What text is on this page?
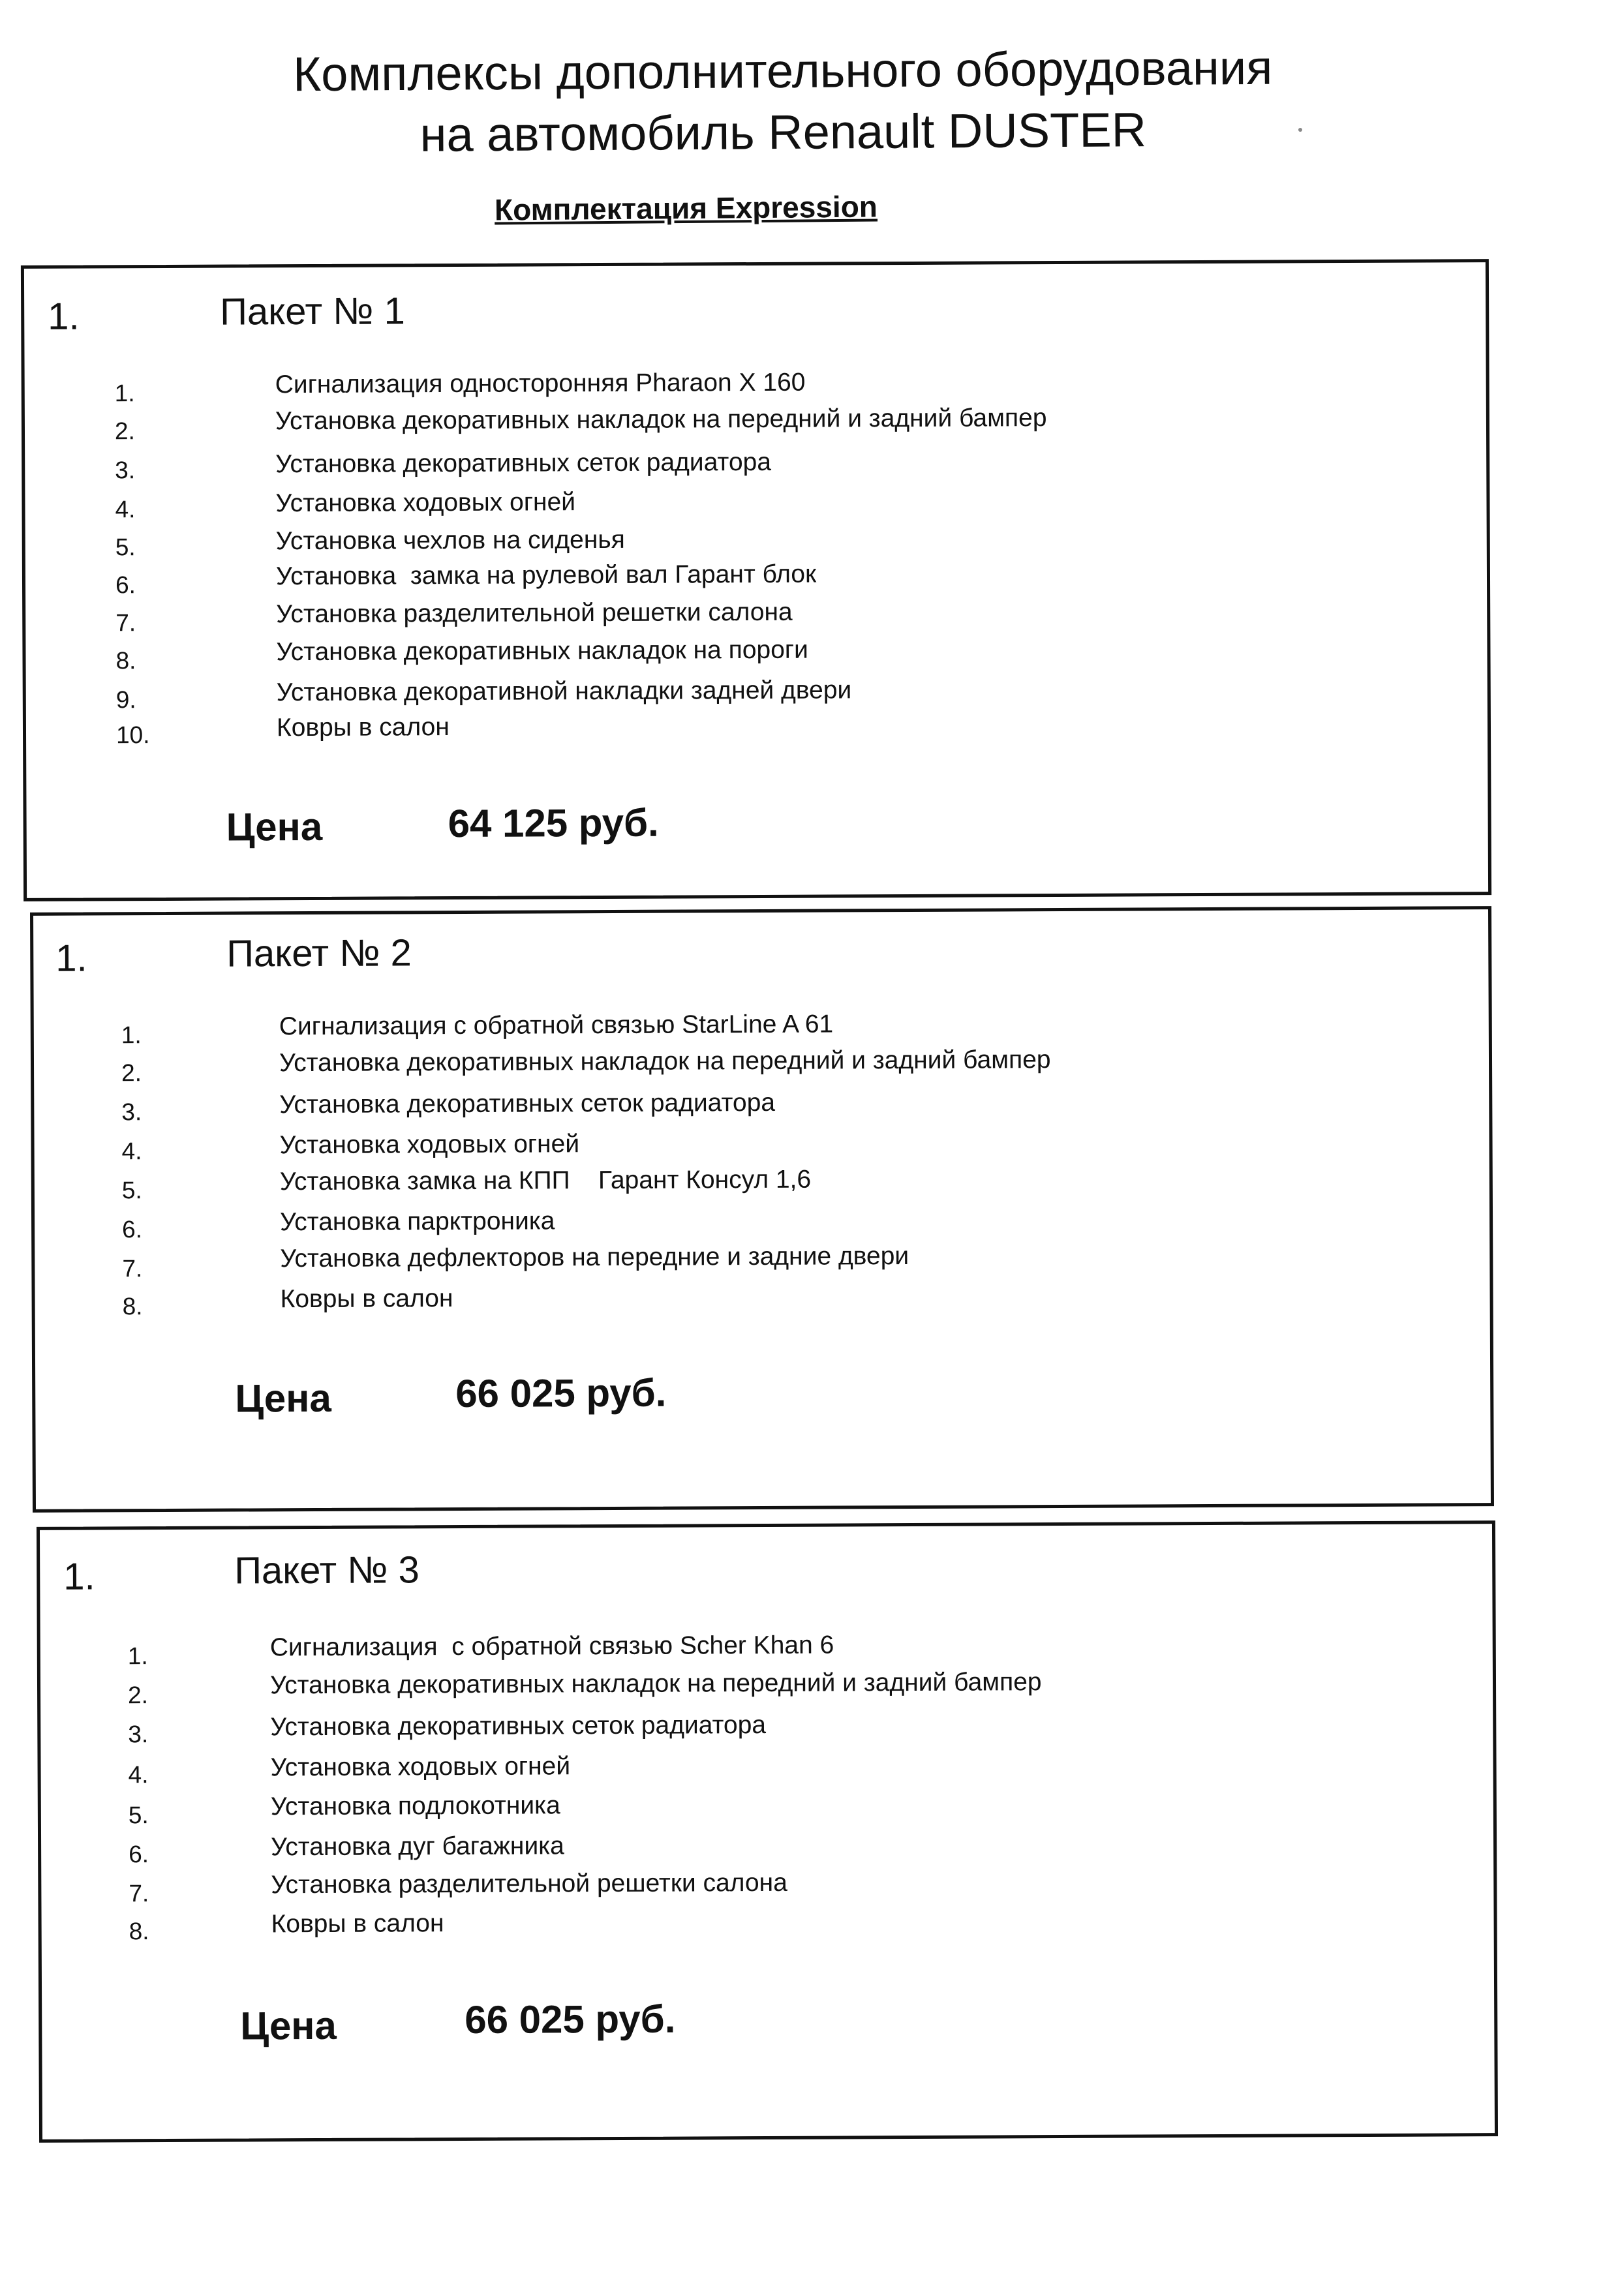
Комплексы дополнительного оборудования
на автомобиль Renault DUSTER
Комплектация Expression
1.	Пакет № 1
1.	Сигнализация односторонняя Pharaon X 160
2.	Установка декоративных накладок на передний и задний бампер
3.	Установка декоративных сеток радиатора
4.	Установка ходовых огней
5.	Установка чехлов на сиденья
6.	Установка  замка на рулевой вал Гарант блок
7.	Установка разделительной решетки салона
8.	Установка декоративных накладок на пороги
9.	Установка декоративной накладки задней двери
10.	Ковры в салон
Цена	64 125 руб.
1.	Пакет № 2
1.	Сигнализация с обратной связью StarLine A 61
2.	Установка декоративных накладок на передний и задний бампер
3.	Установка декоративных сеток радиатора
4.	Установка ходовых огней
5.	Установка замка на КПП    Гарант Консул 1,6
6.	Установка парктроника
7.	Установка дефлекторов на передние и задние двери
8.	Ковры в салон
Цена	66 025 руб.
1.	Пакет № 3
1.	Сигнализация  с обратной связью Scher Khan 6
2.	Установка декоративных накладок на передний и задний бампер
3.	Установка декоративных сеток радиатора
4.	Установка ходовых огней
5.	Установка подлокотника
6.	Установка дуг багажника
7.	Установка разделительной решетки салона
8.	Ковры в салон
Цена	66 025 руб.
